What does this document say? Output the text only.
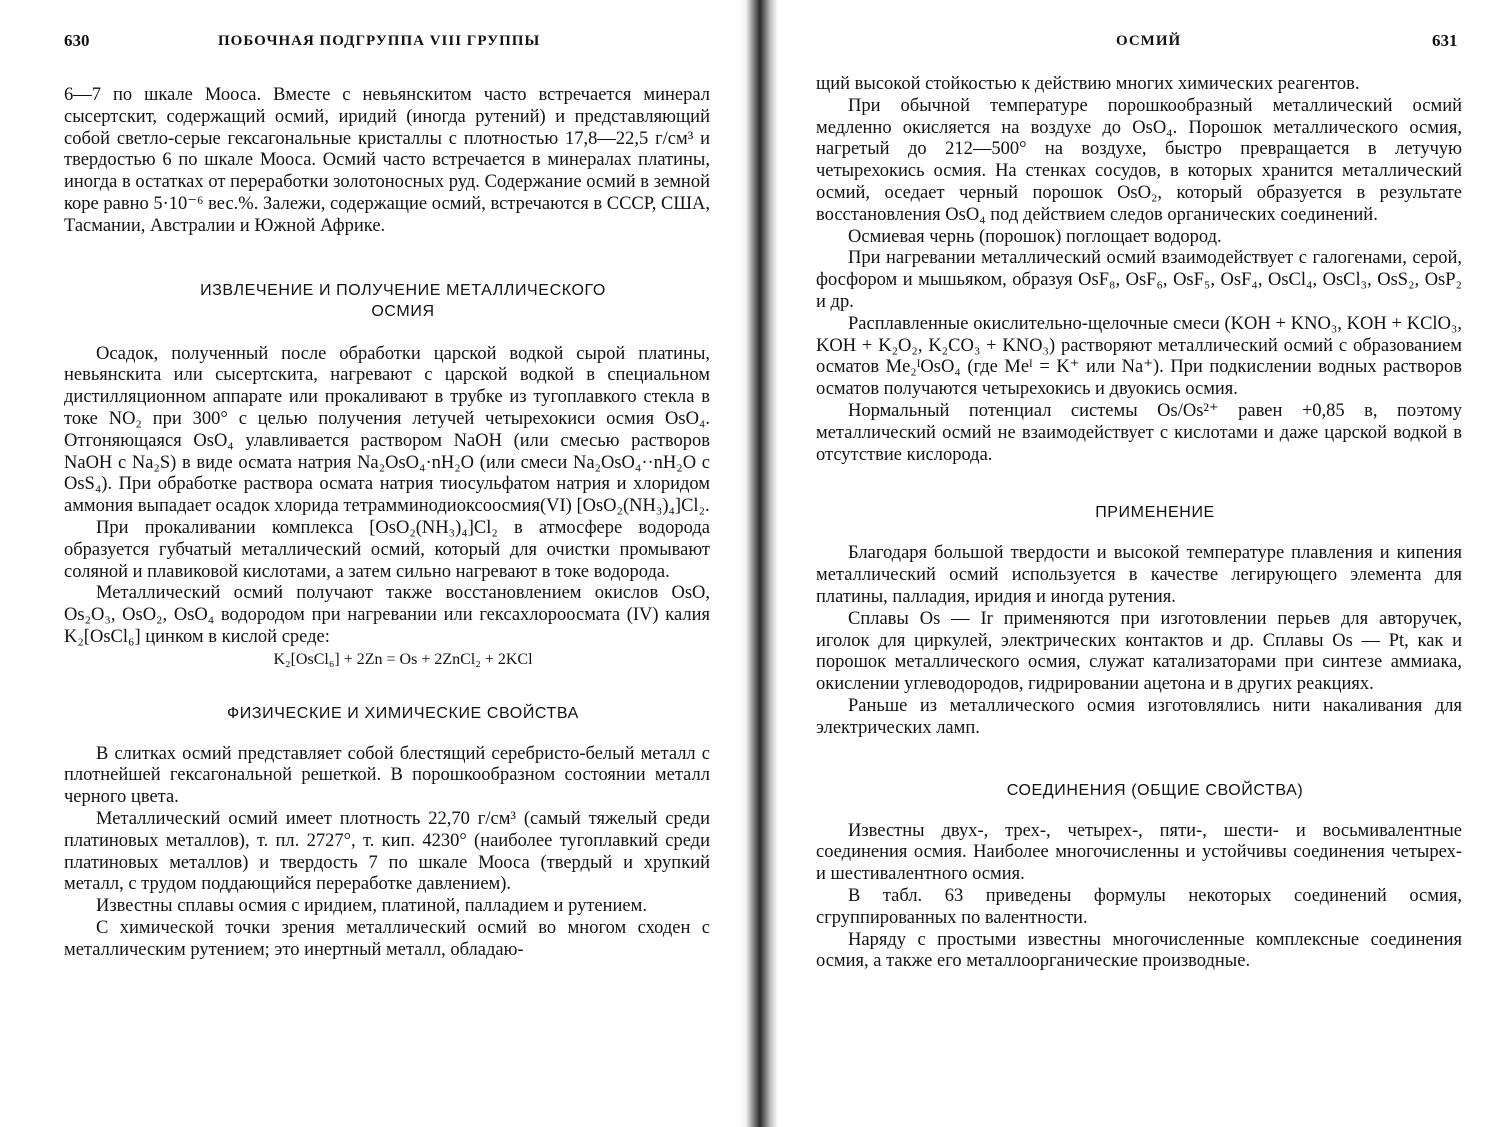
630	ПОБОЧНАЯ ПОДГРУППА VIII ГРУППЫ

6—7 по шкале Мооса. Вместе с невьянскитом часто встречается минерал сысертскит, содержащий осмий, иридий (иногда рутений) и представляющий собой светло-серые гексагональные кристаллы с плотностью 17,8—22,5 г/см³ и твердостью 6 по шкале Мооса. Осмий часто встречается в минералах платины, иногда в остатках от переработки золотоносных руд. Содержание осмий в земной коре равно 5·10⁻⁶ вес.%. Залежи, содержащие осмий, встречаются в СССР, США, Тасмании, Австралии и Южной Африке.

ИЗВЛЕЧЕНИЕ И ПОЛУЧЕНИЕ МЕТАЛЛИЧЕСКОГО

ОСМИЯ

Осадок, полученный после обработки царской водкой сырой платины, невьянскита или сысертскита, нагревают с царской водкой в специальном дистилляционном аппарате или прокаливают в трубке из тугоплавкого стекла в токе NO₂ при 300° с целью получения летучей четырехокиси осмия OsO₄. Отгоняющаяся OsO₄ улавливается раствором NaOH (или смесью растворов NaOH с Na₂S) в виде осмата натрия Na₂OsO₄·nH₂O (или смеси Na₂OsO₄··nH₂O с OsS₄). При обработке раствора осмата натрия тиосульфатом натрия и хлоридом аммония выпадает осадок хлорида тетрамминодиоксоосмия(VI) [OsO₂(NH₃)₄]Cl₂.

При прокаливании комплекса [OsO₂(NH₃)₄]Cl₂ в атмосфере водорода образуется губчатый металлический осмий, который для очистки промывают соляной и плавиковой кислотами, а затем сильно нагревают в токе водорода.

Металлический осмий получают также восстановлением окислов OsO, Os₂O₃, OsO₂, OsO₄ водородом при нагревании или гексахлороосмата (IV) калия K₂[OsCl₆] цинком в кислой среде:

K₂[OsCl₆] + 2Zn = Os + 2ZnCl₂ + 2KCl

ФИЗИЧЕСКИЕ И ХИМИЧЕСКИЕ СВОЙСТВА

В слитках осмий представляет собой блестящий серебристо-белый металл с плотнейшей гексагональной решеткой. В порошкообразном состоянии металл черного цвета.

Металлический осмий имеет плотность 22,70 г/см³ (самый тяжелый среди платиновых металлов), т. пл. 2727°, т. кип. 4230° (наиболее тугоплавкий среди платиновых металлов) и твердость 7 по шкале Мооса (твердый и хрупкий металл, с трудом поддающийся переработке давлением).

Известны сплавы осмия с иридием, платиной, палладием и рутением.

С химической точки зрения металлический осмий во многом сходен с металлическим рутением; это инертный металл, обладаю-

ОСМИЙ	631

щий высокой стойкостью к действию многих химических реагентов.

При обычной температуре порошкообразный металлический осмий медленно окисляется на воздухе до OsO₄. Порошок металлического осмия, нагретый до 212—500° на воздухе, быстро превращается в летучую четырехокись осмия. На стенках сосудов, в которых хранится металлический осмий, оседает черный порошок OsO₂, который образуется в результате восстановления OsO₄ под действием следов органических соединений.

Осмиевая чернь (порошок) поглощает водород.

При нагревании металлический осмий взаимодействует с галогенами, серой, фосфором и мышьяком, образуя OsF₈, OsF₆, OsF₅, OsF₄, OsCl₄, OsCl₃, OsS₂, OsP₂ и др.

Расплавленные окислительно-щелочные смеси (KOH + KNO₃, KOH + KClO₃, KOH + K₂O₂, K₂CO₃ + KNO₃) растворяют металлический осмий с образованием осматов Me₂ᴵOsO₄ (где Meᴵ = K⁺ или Na⁺). При подкислении водных растворов осматов получаются четырехокись и двуокись осмия.

Нормальный потенциал системы Os/Os²⁺ равен +0,85 в, поэтому металлический осмий не взаимодействует с кислотами и даже царской водкой в отсутствие кислорода.

ПРИМЕНЕНИЕ

Благодаря большой твердости и высокой температуре плавления и кипения металлический осмий используется в качестве легирующего элемента для платины, палладия, иридия и иногда рутения.

Сплавы Os — Ir применяются при изготовлении перьев для авторучек, иголок для циркулей, электрических контактов и др. Сплавы Os — Pt, как и порошок металлического осмия, служат катализаторами при синтезе аммиака, окислении углеводородов, гидрировании ацетона и в других реакциях.

Раньше из металлического осмия изготовлялись нити накаливания для электрических ламп.

СОЕДИНЕНИЯ (ОБЩИЕ СВОЙСТВА)

Известны двух-, трех-, четырех-, пяти-, шести- и восьмивалентные соединения осмия. Наиболее многочисленны и устойчивы соединения четырех- и шестивалентного осмия.

В табл. 63 приведены формулы некоторых соединений осмия, сгруппированных по валентности.

Наряду с простыми известны многочисленные комплексные соединения осмия, а также его металлоорганические производные.
